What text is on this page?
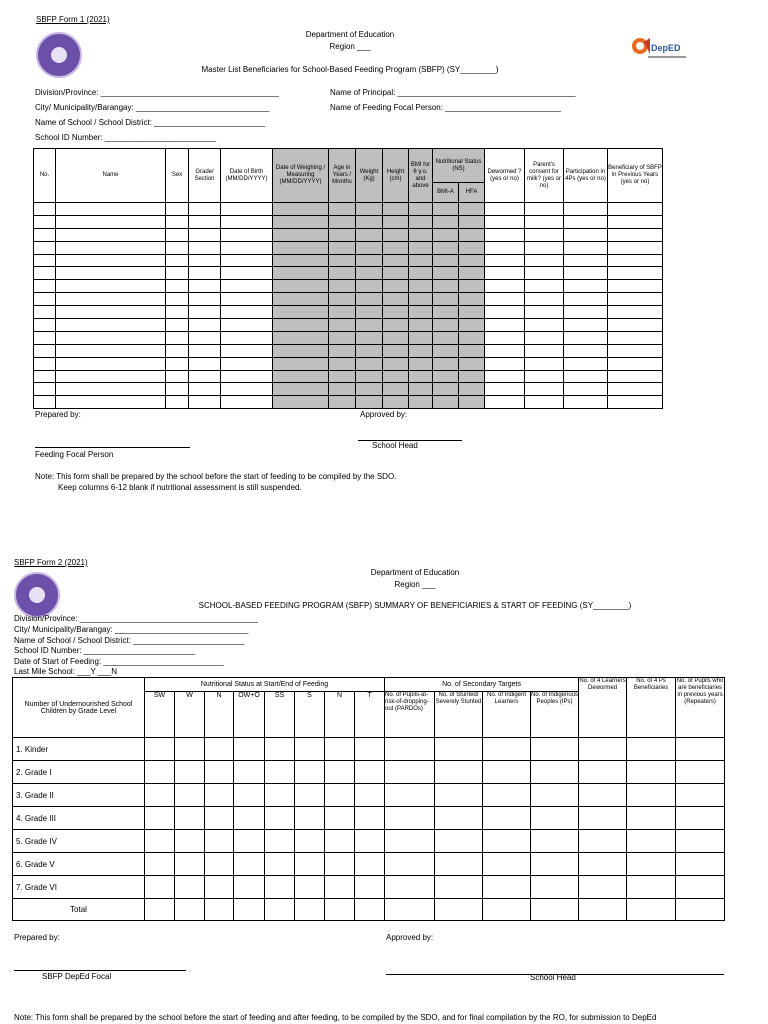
SBFP Form 1 (2021)
Department of Education
Region ___	DepED
Master List Beneficiaries for School-Based Feeding Program (SBFP) (SY________)
Division/Province: ________________________________________
City/ Municipality/Barangay: ______________________________
Name of School / School District: _________________________
School ID Number: _________________________
Name of Principal: ________________________________________
Name of Feeding Focal Person: __________________________
No.	Name	Sex	Grade/ Section	Date of Birth (MM/DD/YYYY)	Date of Weighing / Measuring (MM/DD/YYYY)	Age in Years / Months	Weight (Kg)	Height (cm)	BMI for 6 y.o. and above	Nutritional Status (NS)		Dewormed ? (yes or no)	Parent's consent for milk? (yes or no)	Participation in 4Ps (yes or no)	Beneficiary of SBFP in Previous Years (yes or no)
										BMI-A	HFA				

Prepared by:	Approved by:
Feeding Focal Person
School Head
Note: This form shall be prepared by the school before the start of feeding to be compiled by the SDO.
Keep columns 6-12 blank if nutritional assessment is still suspended.
SBFP Form 2 (2021)
Department of Education
Region ___
SCHOOL-BASED FEEDING PROGRAM (SBFP) SUMMARY OF BENEFICIARIES & START OF FEEDING (SY________)
Division/Province: ________________________________________
City/ Municipality/Barangay: ______________________________
Name of School / School District: _________________________
School ID Number: _________________________
Date of Start of Feeding: ___________________________
Last Mile School: ___Y ___N
Number of Undernourished School Children by Grade Level	Nutritional Status at Start/End of Feeding								No. of Secondary Targets				No. of 4 Learners Dewormed	No. of 4 Ps Beneficiaries	No. of Pupils who are beneficiaries in previous years (Repeaters)
	SW	W	N	OW+O	SS	S	N	T	No. of Pupils-at-risk-of-dropping-out (PARDOs)	No. of Stunted/ Severely Stunted	No. of Indigent Learners	No. of Indigenous Peoples (IPs)			
1. Kinder															
2. Grade I															
3. Grade II															
4. Grade III															
5. Grade IV															
6. Grade V															
7. Grade VI															
Total															
Prepared by:	Approved by:
SBFP DepEd Focal	School Head
Note: This form shall be prepared by the school before the start of feeding and after feeding, to be compiled by the SDO, and for final compilation by the RO, for submission to DepEd
